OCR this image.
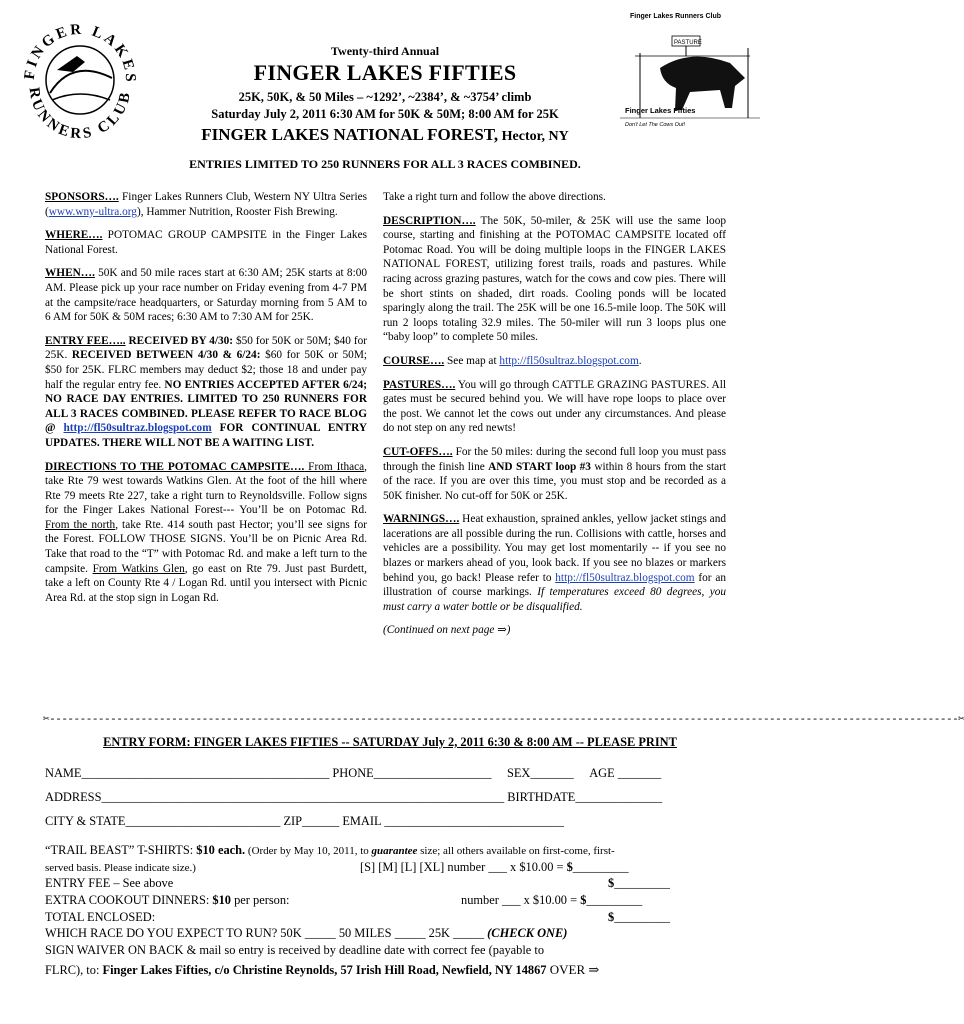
FINGER LAKES
RUNNERS CLUB
Finger Lakes Runners Club
PASTURE
Finger Lakes Fifties
Don't Let The Cows Out!
Twenty-third Annual
FINGER LAKES FIFTIES
25K, 50K, & 50 Miles – ~1292’, ~2384’, & ~3754’ climb
Saturday July 2, 2011 6:30 AM for 50K & 50M; 8:00 AM for 25K
FINGER LAKES NATIONAL FOREST, Hector, NY
ENTRIES LIMITED TO 250 RUNNERS FOR ALL 3 RACES COMBINED.

SPONSORS…. Finger Lakes Runners Club, Western NY Ultra Series (www.wny-ultra.org), Hammer Nutrition, Rooster Fish Brewing.

WHERE…. POTOMAC GROUP CAMPSITE in the Finger Lakes National Forest.

WHEN…. 50K and 50 mile races start at 6:30 AM; 25K starts at 8:00 AM. Please pick up your race number on Friday evening from 4-7 PM at the campsite/race headquarters, or Saturday morning from 5 AM to 6 AM for 50K & 50M races; 6:30 AM to 7:30 AM for 25K.

ENTRY FEE….. RECEIVED BY 4/30: $50 for 50K or 50M; $40 for 25K. RECEIVED BETWEEN 4/30 & 6/24: $60 for 50K or 50M; $50 for 25K. FLRC members may deduct $2; those 18 and under pay half the regular entry fee. NO ENTRIES ACCEPTED AFTER 6/24; NO RACE DAY ENTRIES. LIMITED TO 250 RUNNERS FOR ALL 3 RACES COMBINED. PLEASE REFER TO RACE BLOG @ http://fl50sultraz.blogspot.com FOR CONTINUAL ENTRY UPDATES. THERE WILL NOT BE A WAITING LIST.

DIRECTIONS TO THE POTOMAC CAMPSITE…. From Ithaca, take Rte 79 west towards Watkins Glen. At the foot of the hill where Rte 79 meets Rte 227, take a right turn to Reynoldsville. Follow signs for the Finger Lakes National Forest--- You’ll be on Potomac Rd. From the north, take Rte. 414 south past Hector; you’ll see signs for the Forest. FOLLOW THOSE SIGNS. You’ll be on Picnic Area Rd. Take that road to the “T” with Potomac Rd. and make a left turn to the campsite. From Watkins Glen, go east on Rte 79. Just past Burdett, take a left on County Rte 4 / Logan Rd. until you intersect with Picnic Area Rd. at the stop sign in Logan Rd.

Take a right turn and follow the above directions.

DESCRIPTION…. The 50K, 50-miler, & 25K will use the same loop course, starting and finishing at the POTOMAC CAMPSITE located off Potomac Road. You will be doing multiple loops in the FINGER LAKES NATIONAL FOREST, utilizing forest trails, roads and pastures. While racing across grazing pastures, watch for the cows and cow pies. There will be short stints on shaded, dirt roads. Cooling ponds will be located sparingly along the trail. The 25K will be one 16.5-mile loop. The 50K will run 2 loops totaling 32.9 miles. The 50-miler will run 3 loops plus one “baby loop” to complete 50 miles.

COURSE…. See map at http://fl50sultraz.blogspot.com.

PASTURES…. You will go through CATTLE GRAZING PASTURES. All gates must be secured behind you. We will have rope loops to place over the post. We cannot let the cows out under any circumstances. And please do not step on any red newts!

CUT-OFFS…. For the 50 miles: during the second full loop you must pass through the finish line AND START loop #3 within 8 hours from the start of the race. If you are over this time, you must stop and be recorded as a 50K finisher. No cut-off for 50K or 25K.

WARNINGS…. Heat exhaustion, sprained ankles, yellow jacket stings and lacerations are all possible during the run. Collisions with cattle, horses and vehicles are a possibility. You may get lost momentarily -- if you see no blazes or markers ahead of you, look back. If you see no blazes or markers behind you, go back! Please refer to http://fl50sultraz.blogspot.com for an illustration of course markings. If temperatures exceed 80 degrees, you must carry a water bottle or be disqualified.

(Continued on next page ⇒)

✂-----------------------------------------------------------------------------------------------------------------------------------------------------✂
ENTRY FORM: FINGER LAKES FIFTIES -- SATURDAY July 2, 2011 6:30 & 8:00 AM -- PLEASE PRINT
NAME________________________________________ PHONE___________________ SEX_______ AGE _______
ADDRESS_________________________________________________________________ BIRTHDATE______________
CITY & STATE_________________________ ZIP______ EMAIL _____________________________
“TRAIL BEAST” T-SHIRTS: $10 each. (Order by May 10, 2011, to guarantee size; all others available on first-come, first-
served basis. Please indicate size.)	[S] [M] [L] [XL] number ___ x $10.00 = $_________
ENTRY FEE – See above	$_________
EXTRA COOKOUT DINNERS: $10 per person:	number ___ x $10.00 = $_________
TOTAL ENCLOSED:	$_________
WHICH RACE DO YOU EXPECT TO RUN? 50K _____ 50 MILES _____ 25K _____ (CHECK ONE)
SIGN WAIVER ON BACK & mail so entry is received by deadline date with correct fee (payable to
FLRC), to: Finger Lakes Fifties, c/o Christine Reynolds, 57 Irish Hill Road, Newfield, NY 14867 OVER ⇒
